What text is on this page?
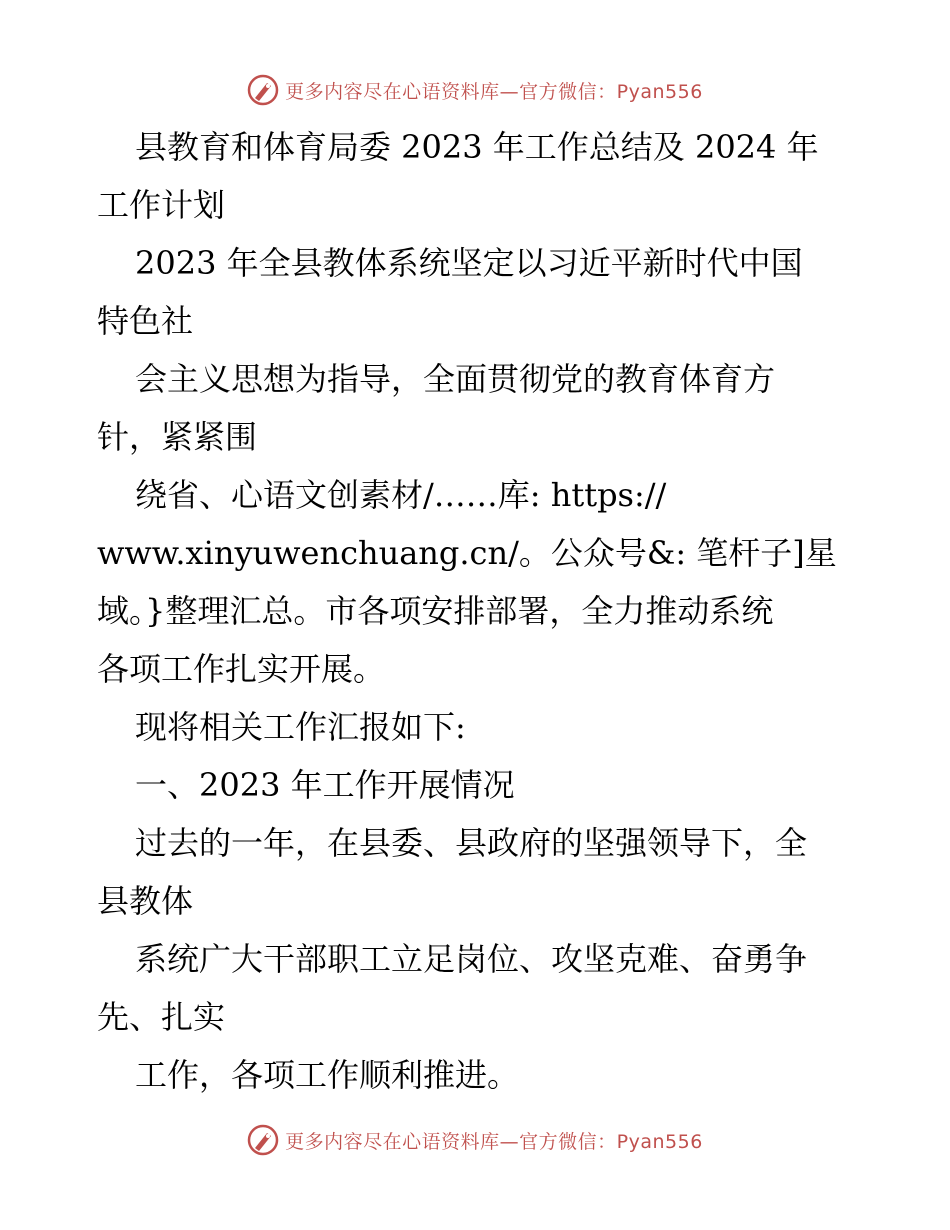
更多内容尽在心语资料库—官方微信：Pyan556
县教育和体育局委 2023 年工作总结及 2024 年
工作计划
2023 年全县教体系统坚定以习近平新时代中国
特色社
会主义思想为指导，全面贯彻党的教育体育方
针，紧紧围
绕省、心语文创素材/……库: https://
www.xinyuwenchuang.cn/。公众号&: 笔杆子]星
域。}整理汇总。市各项安排部署，全力推动系统
各项工作扎实开展。
现将相关工作汇报如下:
一、2023 年工作开展情况
过去的一年，在县委、县政府的坚强领导下，全
县教体
系统广大干部职工立足岗位、攻坚克难、奋勇争
先、扎实
工作，各项工作顺利推进。
更多内容尽在心语资料库—官方微信：Pyan556
